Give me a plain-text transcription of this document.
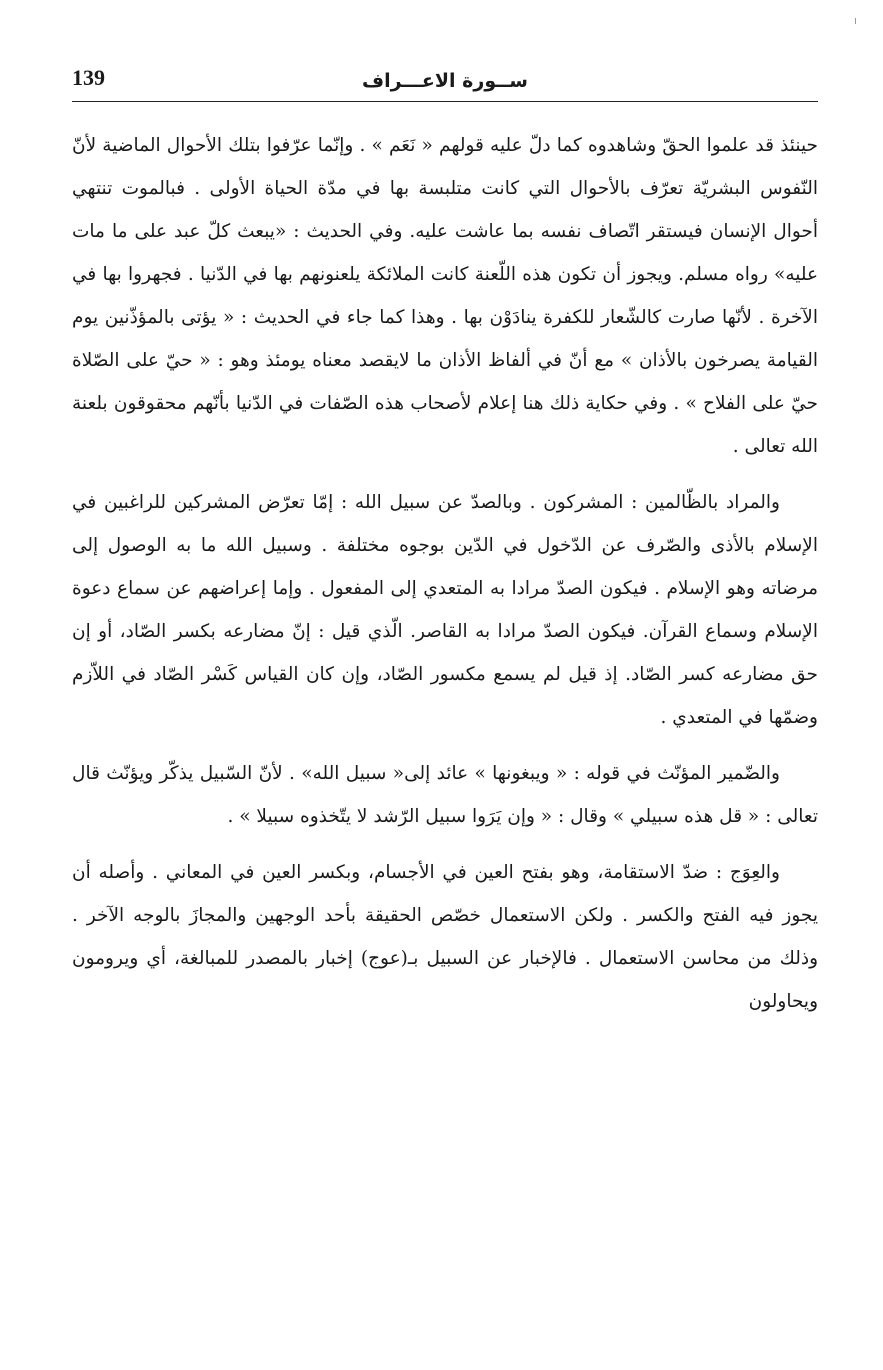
139	ســورة الاعـــراف

حينئذ قد علموا الحقّ وشاهدوه كما دلّ عليه قولهم « نَعَم » . وإنّما عرّفوا بتلك الأحوال الماضية لأنّ النّفوس البشريّة تعرّف بالأحوال التي كانت متلبسة بها في مدّة الحياة الأولى . فبالموت تنتهي أحوال الإنسان فيستقر اتّصاف نفسه بما عاشت عليه. وفي الحديث : «يبعث كلّ عبد على ما مات عليه» رواه مسلم. ويجوز أن تكون هذه اللّعنة كانت الملائكة يلعنونهم بها في الدّنيا . فجهروا بها في الآخرة . لأنّها صارت كالشّعار للكفرة ينادَوْن بها . وهذا كما جاء في الحديث : « يؤتى بالمؤذّنين يوم القيامة يصرخون بالأذان » مع أنّ في ألفاظ الأذان ما لايقصد معناه يومئذ وهو : « حيّ على الصّلاة حيّ على الفلاح » . وفي حكاية ذلك هنا إعلام لأصحاب هذه الصّفات في الدّنيا بأنّهم محقوقون بلعنة الله تعالى .

والمراد بالظّالمين : المشركون . وبالصدّ عن سبيل الله : إمّا تعرّض المشركين للراغبين في الإسلام بالأذى والصّرف عن الدّخول في الدّين بوجوه مختلفة . وسبيل الله ما به الوصول إلى مرضاته وهو الإسلام . فيكون الصدّ مرادا به المتعدي إلى المفعول . وإما إعراضهم عن سماع دعوة الإسلام وسماع القرآن. فيكون الصدّ مرادا به القاصر. الّذي قيل : إنّ مضارعه بكسر الصّاد، أو إن حق مضارعه كسر الصّاد. إذ قيل لم يسمع مكسور الصّاد، وإن كان القياس كَسْر الصّاد في اللاّزم وضمّها في المتعدي .

والضّمير المؤنّث في قوله : « ويبغونها » عائد إلى« سبيل الله» . لأنّ السّبيل يذكّر ويؤنّث قال تعالى : « قل هذه سبيلي » وقال : « وإن يَرَوا سبيل الرّشد لا يتّخذوه سبيلا » .

والعِوَج : ضدّ الاستقامة، وهو بفتح العين في الأجسام، وبكسر العين في المعاني . وأصله أن يجوز فيه الفتح والكسر . ولكن الاستعمال خصّص الحقيقة بأحد الوجهين والمجازَ بالوجه الآخر . وذلك من محاسن الاستعمال . فالإخبار عن السبيل بـ(عوج) إخبار بالمصدر للمبالغة، أي ويرومون ويحاولون
